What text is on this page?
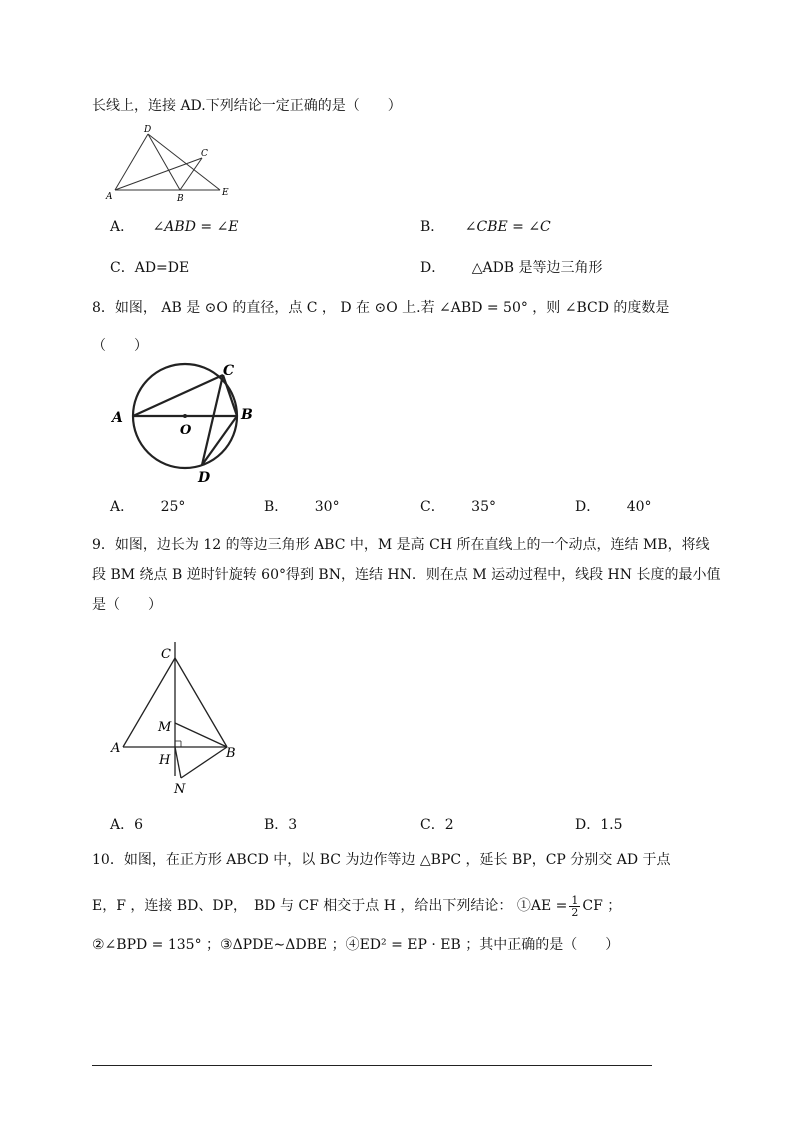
长线上，连接 AD.下列结论一定正确的是（　　）
D
C
A	B
E
A． ∠ABD = ∠E	B． ∠CBE = ∠C
C．AD=DE	D． △ADB 是等边三角形
8．如图， AB 是 ⊙O 的直径，点 C ， D 在 ⊙O 上.若 ∠ABD = 50° ，则 ∠BCD 的度数是
（　　）
A	B
C
D
O
A． 25°	B． 30°	C． 35°	D． 40°
9．如图，边长为 12 的等边三角形 ABC 中，M 是高 CH 所在直线上的一个动点，连结 MB，将线
段 BM 绕点 B 逆时针旋转 60°得到 BN，连结 HN．则在点 M 运动过程中，线段 HN 长度的最小值
是（　　）
C
M
A
H	B
N
A．6	B．3	C．2	D．1.5
10．如图，在正方形 ABCD 中，以 BC 为边作等边 △BPC ，延长 BP，CP 分别交 AD 于点
E，F ，连接 BD、DP，　BD 与 CF 相交于点 H ，给出下列结论： ①AE = $\frac{1}{2}$ CF ；
②∠BPD = 135° ；③ΔPDE∼ΔDBE ；④ED² = EP · EB ；其中正确的是（　　）
